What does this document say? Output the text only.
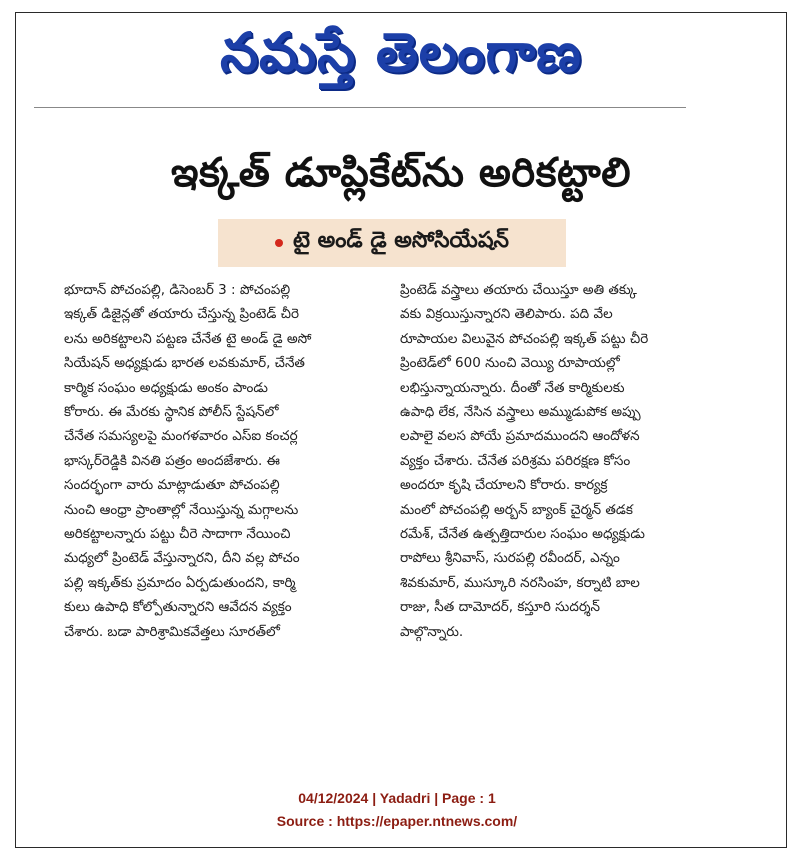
నమస్తే తెలంగాణ
ఇక్కత్ డూప్లికేట్‌ను అరికట్టాలి
టై అండ్ డై అసోసియేషన్
భూదాన్ పోచంపల్లి, డిసెంబర్ 3 : పోచంపల్లి
ఇక్కత్ డిజైన్లతో తయారు చేస్తున్న ప్రింటెడ్ చీరె
లను అరికట్టాలని పట్టణ చేనేత టై అండ్ డై అసో
సియేషన్ అధ్యక్షుడు భారత లవకుమార్, చేనేత
కార్మిక సంఘం అధ్యక్షుడు అంకం పాండు
కోరారు. ఈ మేరకు స్థానిక పోలీస్ స్టేషన్‌లో
చేనేత సమస్యలపై మంగళవారం ఎస్ఐ కంచర్ల
భాస్కర్‌రెడ్డికి వినతి పత్రం అందజేశారు. ఈ
సందర్భంగా వారు మాట్లాడుతూ పోచంపల్లి
నుంచి ఆంధ్రా ప్రాంతాల్లో నేయిస్తున్న మగ్గాలను
అరికట్టాలన్నారు పట్టు చీరె సాదాగా నేయించి
మధ్యలో ప్రింటెడ్ వేస్తున్నారని, దీని వల్ల పోచం
పల్లి ఇక్కత్‌కు ప్రమాదం ఏర్పడుతుందని, కార్మి
కులు ఉపాధి కోల్పోతున్నారని ఆవేదన వ్యక్తం
చేశారు. బడా పారిశ్రామికవేత్తలు సూరత్‌లో
ప్రింటెడ్ వస్త్రాలు తయారు చేయిస్తూ అతి తక్కు
వకు విక్రయిస్తున్నారని తెలిపారు. పది వేల
రూపాయల విలువైన పోచంపల్లి ఇక్కత్ పట్టు చీరె
ప్రింటెడ్‌లో 600 నుంచి వెయ్యి రూపాయల్లో
లభిస్తున్నాయన్నారు. దీంతో నేత కార్మికులకు
ఉపాధి లేక, నేసిన వస్త్రాలు అమ్ముడుపోక అప్పు
లపాలై వలస పోయే ప్రమాదముందని ఆందోళన
వ్యక్తం చేశారు. చేనేత పరిశ్రమ పరిరక్షణ కోసం
అందరూ కృషి చేయాలని కోరారు. కార్యక్ర
మంలో పోచంపల్లి అర్బన్ బ్యాంక్ చైర్మన్ తడక
రమేశ్, చేనేత ఉత్పత్తిదారుల సంఘం అధ్యక్షుడు
రాపోలు శ్రీనివాస్, సురపల్లి రవీందర్, ఎన్నం
శివకుమార్, ముస్కూరి నరసింహ, కర్నాటి బాల
రాజు, సీత దామోదర్, కస్తూరి సుదర్శన్
పాల్గొన్నారు.
04/12/2024 | Yadadri | Page : 1
Source : https://epaper.ntnews.com/
